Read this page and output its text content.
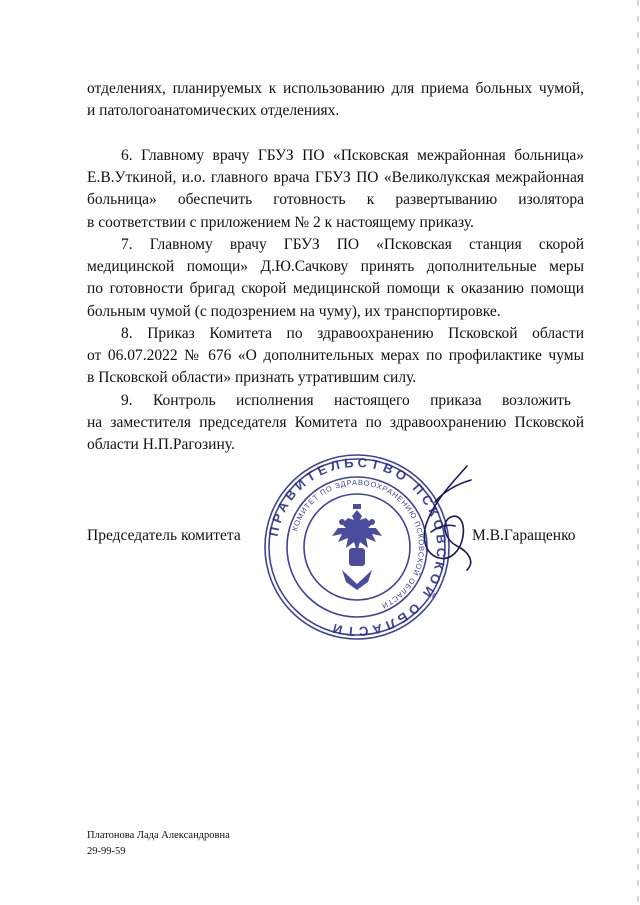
отделениях, планируемых к использованию для приема больных чумой,
и патологоанатомических отделениях.
6. Главному врачу ГБУЗ ПО «Псковская межрайонная больница»
Е.В.Уткиной, и.о. главного врача ГБУЗ ПО «Великолукская межрайонная
больница» обеспечить готовность к развертыванию изолятора
в соответствии с приложением № 2 к настоящему приказу.
7. Главному врачу ГБУЗ ПО «Псковская станция скорой
медицинской помощи» Д.Ю.Сачкову принять дополнительные меры
по готовности бригад скорой медицинской помощи к оказанию помощи
больным чумой (с подозрением на чуму), их транспортировке.
8. Приказ Комитета по здравоохранению Псковской области
от 06.07.2022 № 676 «О дополнительных мерах по профилактике чумы
в Псковской области» признать утратившим силу.
9. Контроль исполнения настоящего приказа возложить
на заместителя председателя Комитета по здравоохранению Псковской
области Н.П.Рагозину.
ПРАВИТЕЛЬСТВО ПСКОВСКОЙ ОБЛАСТИ
КОМИТЕТ ПО ЗДРАВООХРАНЕНИЮ ПСКОВСКОЙ ОБЛАСТИ
Председатель комитета	М.В.Гаращенко
Платонова Лада Александровна
29-99-59
